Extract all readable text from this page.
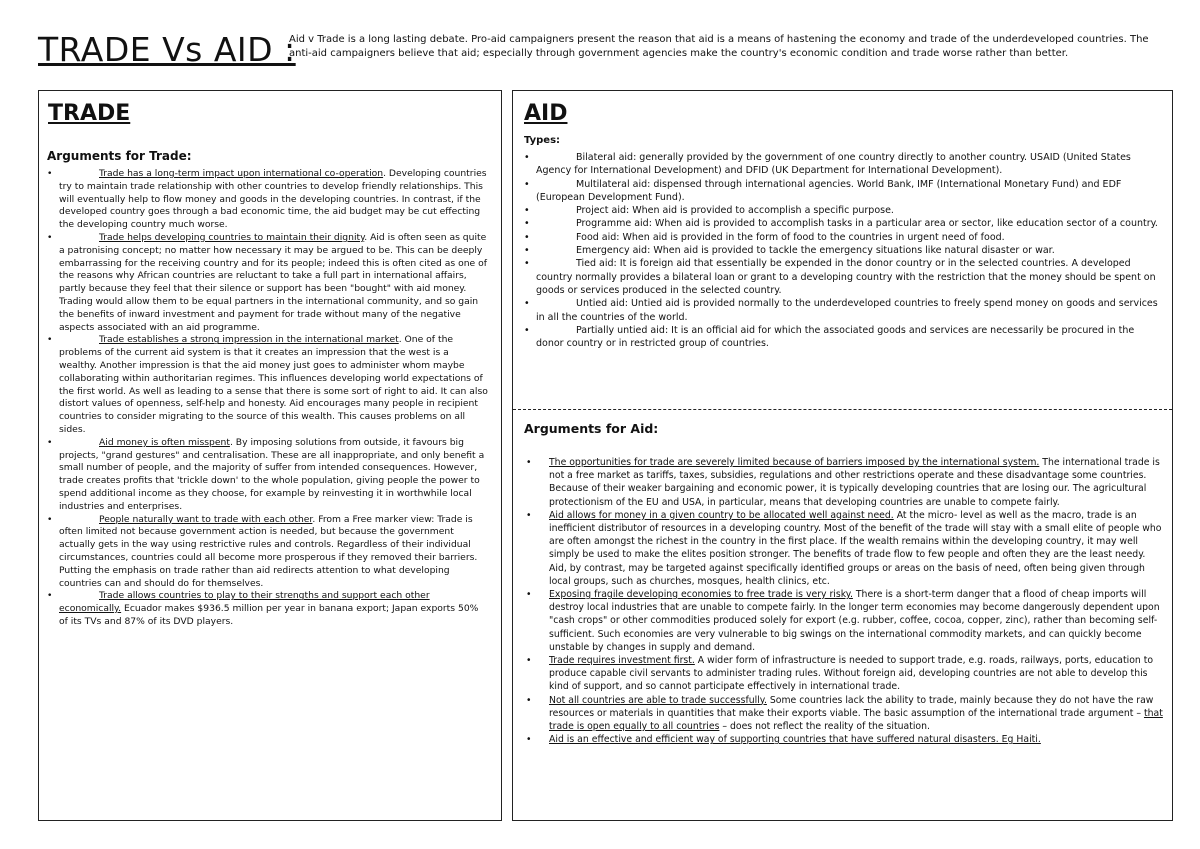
TRADE Vs AID :
Aid v Trade is a long lasting debate. Pro-aid campaigners present the reason that aid is a means of hastening the economy and trade of the underdeveloped countries. The anti-aid campaigners believe that aid; especially through government agencies make the country's economic condition and trade worse rather than better.
TRADE
Arguments for Trade:
•	Trade has a long-term impact upon international co-operation. Developing countries try to maintain trade relationship with other countries to develop friendly relationships. This will eventually help to flow money and goods in the developing countries. In contrast, if the developed country goes through a bad economic time, the aid budget may be cut effecting the developing country much worse.
•	Trade helps developing countries to maintain their dignity. Aid is often seen as quite a patronising concept; no matter how necessary it may be argued to be. This can be deeply embarrassing for the receiving country and for its people; indeed this is often cited as one of the reasons why African countries are reluctant to take a full part in international affairs, partly because they feel that their silence or support has been "bought" with aid money. Trading would allow them to be equal partners in the international community, and so gain the benefits of inward investment and payment for trade without many of the negative aspects associated with an aid programme.
•	Trade establishes a strong impression in the international market. One of the problems of the current aid system is that it creates an impression that the west is a wealthy. Another impression is that the aid money just goes to administer whom maybe collaborating within authoritarian regimes. This influences developing world expectations of the first world. As well as leading to a sense that there is some sort of right to aid. It can also distort values of openness, self-help and honesty. Aid encourages many people in recipient countries to consider migrating to the source of this wealth. This causes problems on all sides.
•	Aid money is often misspent. By imposing solutions from outside, it favours big projects, "grand gestures" and centralisation. These are all inappropriate, and only benefit a small number of people, and the majority of suffer from intended consequences. However, trade creates profits that 'trickle down' to the whole population, giving people the power to spend additional income as they choose, for example by reinvesting it in worthwhile local industries and enterprises.
•	People naturally want to trade with each other. From a Free marker view: Trade is often limited not because government action is needed, but because the government actually gets in the way using restrictive rules and controls. Regardless of their individual circumstances, countries could all become more prosperous if they removed their barriers. Putting the emphasis on trade rather than aid redirects attention to what developing countries can and should do for themselves.
•	Trade allows countries to play to their strengths and support each other economically. Ecuador makes $936.5 million per year in banana export; Japan exports 50% of its TVs and 87% of its DVD players.
AID
Types:
•	Bilateral aid: generally provided by the government of one country directly to another country. USAID (United States Agency for International Development) and DFID (UK Department for International Development).
•	Multilateral aid: dispensed through international agencies. World Bank, IMF (International Monetary Fund) and EDF (European Development Fund).
•	Project aid: When aid is provided to accomplish a specific purpose.
•	Programme aid: When aid is provided to accomplish tasks in a particular area or sector, like education sector of a country.
•	Food aid: When aid is provided in the form of food to the countries in urgent need of food.
•	Emergency aid: When aid is provided to tackle the emergency situations like natural disaster or war.
•	Tied aid: It is foreign aid that essentially be expended in the donor country or in the selected countries. A developed country normally provides a bilateral loan or grant to a developing country with the restriction that the money should be spent on goods or services produced in the selected country.
•	Untied aid: Untied aid is provided normally to the underdeveloped countries to freely spend money on goods and services in all the countries of the world.
•	Partially untied aid: It is an official aid for which the associated goods and services are necessarily be procured in the donor country or in restricted group of countries.
Arguments for Aid:
• The opportunities for trade are severely limited because of barriers imposed by the international system. The international trade is not a free market as tariffs, taxes, subsidies, regulations and other restrictions operate and these disadvantage some countries. Because of their weaker bargaining and economic power, it is typically developing countries that are losing our. The agricultural protectionism of the EU and USA, in particular, means that developing countries are unable to compete fairly.
• Aid allows for money in a given country to be allocated well against need. At the micro- level as well as the macro, trade is an inefficient distributor of resources in a developing country. Most of the benefit of the trade will stay with a small elite of people who are often amongst the richest in the country in the first place. If the wealth remains within the developing country, it may well simply be used to make the elites position stronger. The benefits of trade flow to few people and often they are the least needy. Aid, by contrast, may be targeted against specifically identified groups or areas on the basis of need, often being given through local groups, such as churches, mosques, health clinics, etc.
• Exposing fragile developing economies to free trade is very risky. There is a short-term danger that a flood of cheap imports will destroy local industries that are unable to compete fairly. In the longer term economies may become dangerously dependent upon "cash crops" or other commodities produced solely for export (e.g. rubber, coffee, cocoa, copper, zinc), rather than becoming self-sufficient. Such economies are very vulnerable to big swings on the international commodity markets, and can quickly become unstable by changes in supply and demand.
• Trade requires investment first. A wider form of infrastructure is needed to support trade, e.g. roads, railways, ports, education to produce capable civil servants to administer trading rules. Without foreign aid, developing countries are not able to develop this kind of support, and so cannot participate effectively in international trade.
• Not all countries are able to trade successfully. Some countries lack the ability to trade, mainly because they do not have the raw resources or materials in quantities that make their exports viable. The basic assumption of the international trade argument – that trade is open equally to all countries – does not reflect the reality of the situation.
• Aid is an effective and efficient way of supporting countries that have suffered natural disasters. Eg Haiti.
